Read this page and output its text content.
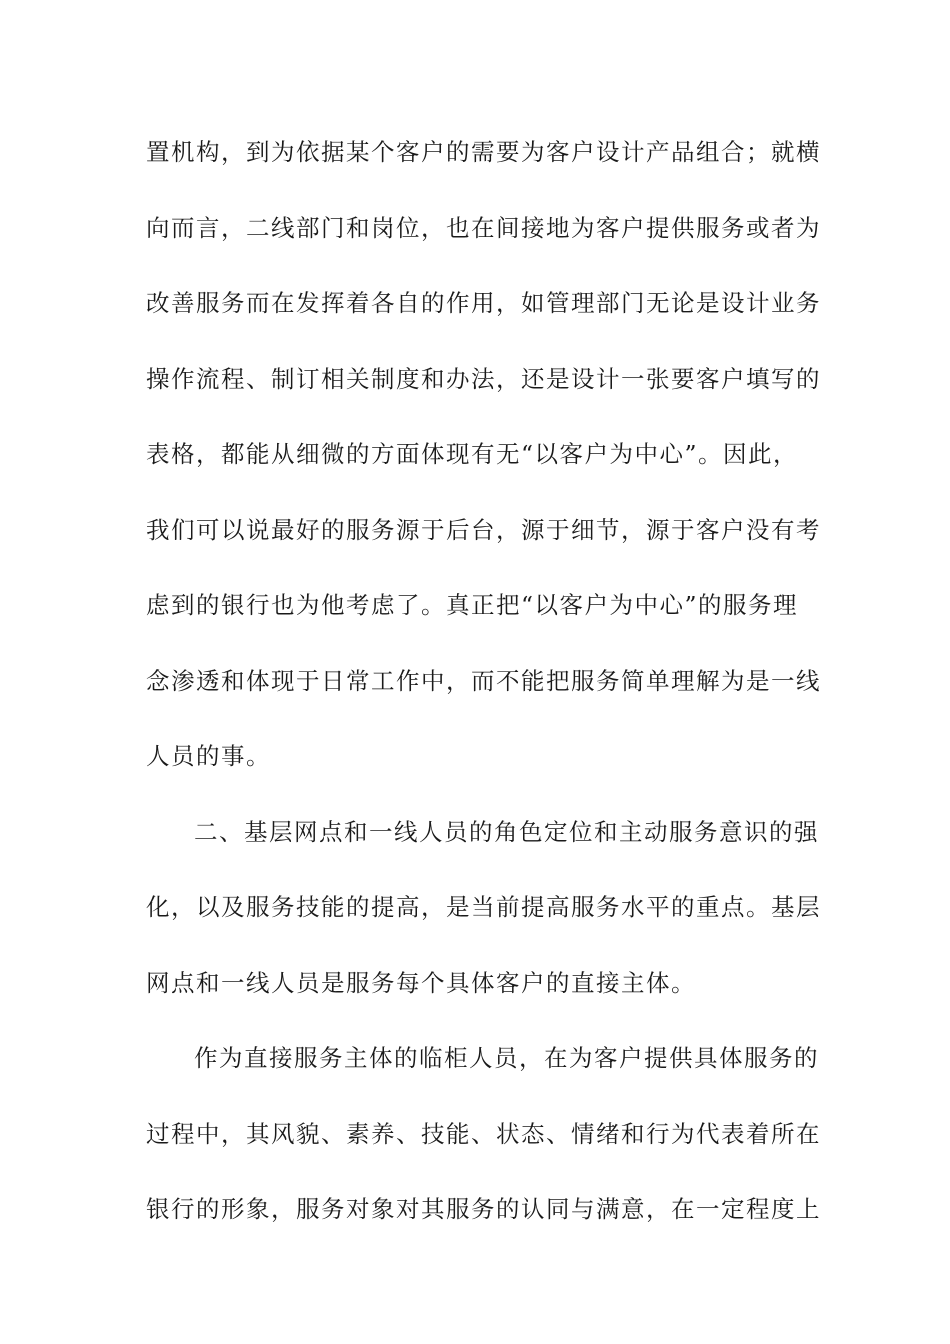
置机构，到为依据某个客户的需要为客户设计产品组合；就横
向而言，二线部门和岗位，也在间接地为客户提供服务或者为
改善服务而在发挥着各自的作用，如管理部门无论是设计业务
操作流程、制订相关制度和办法，还是设计一张要客户填写的
表格，都能从细微的方面体现有无“以客户为中心”。因此，
我们可以说最好的服务源于后台，源于细节，源于客户没有考
虑到的银行也为他考虑了。真正把“以客户为中心”的服务理
念渗透和体现于日常工作中，而不能把服务简单理解为是一线
人员的事。
二、基层网点和一线人员的角色定位和主动服务意识的强
化，以及服务技能的提高，是当前提高服务水平的重点。基层
网点和一线人员是服务每个具体客户的直接主体。
作为直接服务主体的临柜人员，在为客户提供具体服务的
过程中，其风貌、素养、技能、状态、情绪和行为代表着所在
银行的形象，服务对象对其服务的认同与满意，在一定程度上
